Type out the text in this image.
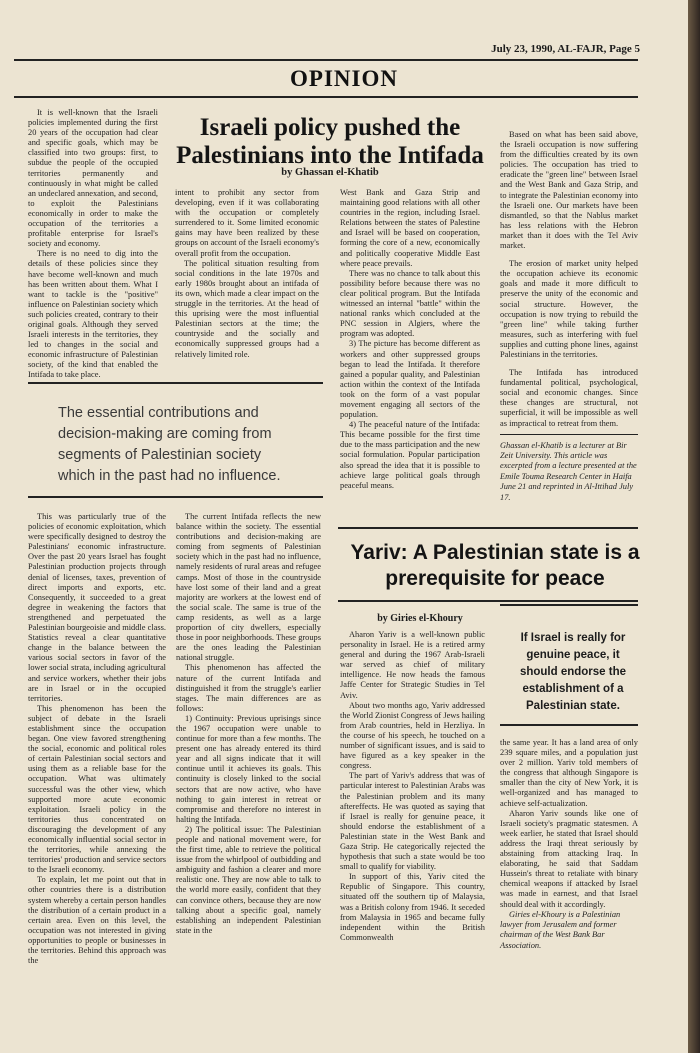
July 23, 1990, AL-FAJR, Page 5
OPINION
Israeli policy pushed the Palestinians into the Intifada
by Ghassan el-Khatib

It is well-known that the Israeli policies implemented during the first 20 years of the occupation had clear and specific goals, which may be classified into two groups: first, to subdue the people of the occupied territories permanently and continuously in what might be called an undeclared annexation, and second, to exploit the Palestinians economically in order to make the occupation of the territories a profitable enterprise for Israel's society and economy.

There is no need to dig into the details of these policies since they have become well-known and much has been written about them. What I want to tackle is the "positive" influence on Palestinian society which such policies created, contrary to their original goals. Although they served Israeli interests in the territories, they led to changes in the social and economic infrastructure of Palestinian society, of the kind that enabled the Intifada to take place.

intent to prohibit any sector from developing, even if it was collaborating with the occupation or completely surrendered to it. Some limited economic gains may have been realized by these groups on account of the Israeli economy's overall profit from the occupation.

The political situation resulting from social conditions in the late 1970s and early 1980s brought about an intifada of its own, which made a clear impact on the struggle in the territories. At the head of this uprising were the most influential Palestinian sectors at the time; the countryside and the socially and economically suppressed groups had a relatively limited role.

West Bank and Gaza Strip and maintaining good relations with all other countries in the region, including Israel. Relations between the states of Palestine and Israel will be based on cooperation, forming the core of a new, economically and politically cooperative Middle East where peace prevails.

There was no chance to talk about this possibility before because there was no clear political program. But the Intifada witnessed an internal "battle" within the national ranks which concluded at the PNC session in Algiers, where the program was adopted.

3) The picture has become different as workers and other suppressed groups began to lead the Intifada. It therefore gained a popular quality, and Palestinian action within the context of the Intifada took on the form of a vast popular movement engaging all sectors of the population.

4) The peaceful nature of the Intifada: This became possible for the first time due to the mass participation and the new social formulation. Popular participation also spread the idea that it is possible to achieve large political goals through peaceful means.

Based on what has been said above, the Israeli occupation is now suffering from the difficulties created by its own policies. The occupation has tried to eradicate the "green line" between Israel and the West Bank and Gaza Strip, and to integrate the Palestinian economy into the Israeli one. Our markets have been dismantled, so that the Nablus market has less relations with the Hebron market than it does with the Tel Aviv market.

The erosion of market unity helped the occupation achieve its economic goals and made it more difficult to preserve the unity of the economic and social structure. However, the occupation is now trying to rebuild the "green line" while taking further measures, such as interfering with fuel supplies and cutting phone lines, against Palestinians in the territories.

The Intifada has introduced fundamental political, psychological, social and economic changes. Since these changes are structural, not superficial, it will be impossible as well as impractical to retreat from them.

Ghassan el-Khatib is a lecturer at Bir Zeit University. This article was excerpted from a lecture presented at the Emile Touma Research Center in Haifa June 21 and reprinted in Al-Ittihad July 17.
The essential contributions and decision-making are coming from segments of Palestinian society which in the past had no influence.

This was particularly true of the policies of economic exploitation, which were specifically designed to destroy the Palestinians' economic infrastructure. Over the past 20 years Israel has fought Palestinian production projects through denial of licenses, taxes, prevention of direct imports and exports, etc. Consequently, it succeeded to a great degree in weakening the factors that strengthened and perpetuated the Palestinian bourgeoisie and middle class. Statistics reveal a clear quantitative change in the balance between the various social sectors in favor of the lower social strata, including agricultural and service workers, whether their jobs are in Israel or in the occupied territories.

This phenomenon has been the subject of debate in the Israeli establishment since the occupation began. One view favored strengthening the social, economic and political roles of certain Palestinian social sectors and using them as a reliable base for the occupation. What was ultimately successful was the other view, which supported more acute economic exploitation. Israeli policy in the territories thus concentrated on discouraging the development of any economically influential social sector in the territories, while annexing the territories' production and service sectors to the Israeli economy.

To explain, let me point out that in other countries there is a distribution system whereby a certain person handles the distribution of a certain product in a certain area. Even on this level, the occupation was not interested in giving opportunities to people or businesses in the territories. Behind this approach was the

The current Intifada reflects the new balance within the society. The essential contributions and decision-making are coming from segments of Palestinian society which in the past had no influence, namely residents of rural areas and refugee camps. Most of those in the countryside have lost some of their land and a great majority are workers at the lowest end of the social scale. The same is true of the camp residents, as well as a large proportion of city dwellers, especially those in poor neighborhoods. These groups are the ones leading the Palestinian national struggle.

This phenomenon has affected the nature of the current Intifada and distinguished it from the struggle's earlier stages. The main differences are as follows:

1) Continuity: Previous uprisings since the 1967 occupation were unable to continue for more than a few months. The present one has already entered its third year and all signs indicate that it will continue until it achieves its goals. This continuity is closely linked to the social sectors that are now active, who have nothing to gain interest in retreat or compromise and therefore no interest in halting the Intifada.

2) The political issue: The Palestinian people and national movement were, for the first time, able to retrieve the political issue from the whirlpool of outbidding and ambiguity and fashion a clearer and more realistic one. They are now able to talk to the world more easily, confident that they can convince others, because they are now talking about a specific goal, namely establishing an independent Palestinian state in the

Yariv: A Palestinian state is a prerequisite for peace
by Giries el-Khoury
If Israel is really for genuine peace, it should endorse the establishment of a Palestinian state.

Aharon Yariv is a well-known public personality in Israel. He is a retired army general and during the 1967 Arab-Israeli war served as chief of military intelligence. He now heads the famous Jaffe Center for Strategic Studies in Tel Aviv.

About two months ago, Yariv addressed the World Zionist Congress of Jews hailing from Arab countries, held in Herzliya. In the course of his speech, he touched on a number of significant issues, and is said to have figured as a key speaker in the congress.

The part of Yariv's address that was of particular interest to Palestinian Arabs was the Palestinian problem and its many aftereffects. He was quoted as saying that if Israel is really for genuine peace, it should endorse the establishment of a Palestinian state in the West Bank and Gaza Strip. He categorically rejected the hypothesis that such a state would be too small to qualify for viability.

In support of this, Yariv cited the Republic of Singapore. This country, situated off the southern tip of Malaysia, was a British colony from 1946. It seceded from Malaysia in 1965 and became fully independent within the British Commonwealth

the same year. It has a land area of only 239 square miles, and a population just over 2 million. Yariv told members of the congress that although Singapore is smaller than the city of New York, it is well-organized and has managed to achieve self-actualization.

Aharon Yariv sounds like one of Israeli society's pragmatic statesmen. A week earlier, he stated that Israel should address the Iraqi threat seriously by abstaining from attacking Iraq. In elaborating, he said that Saddam Hussein's threat to retaliate with binary chemical weapons if attacked by Israel was made in earnest, and that Israel should deal with it accordingly.

Giries el-Khoury is a Palestinian lawyer from Jerusalem and former chairman of the West Bank Bar Association.
